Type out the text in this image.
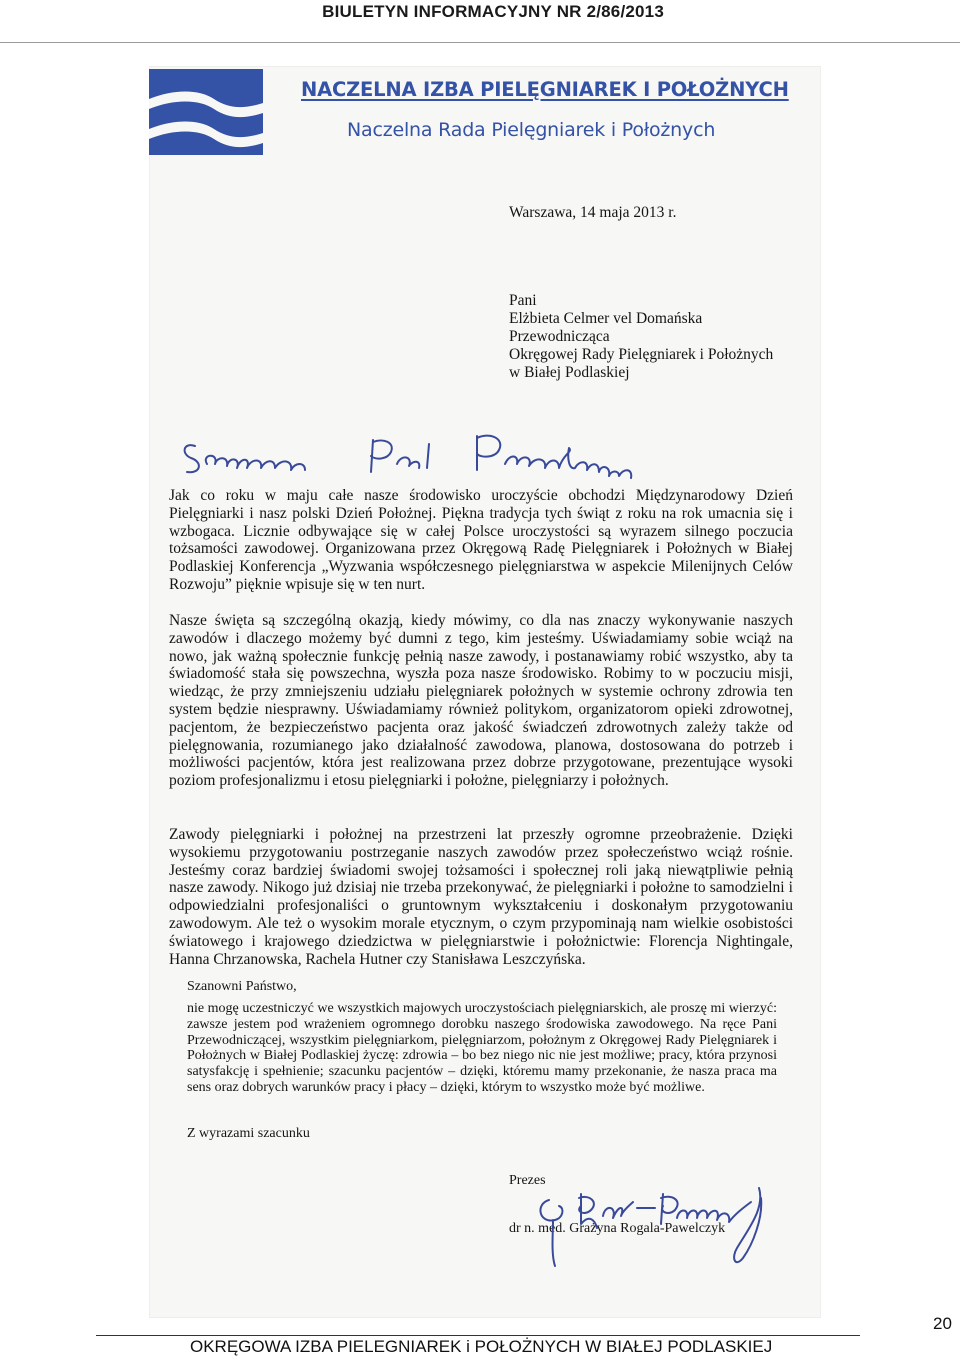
BIULETYN INFORMACYJNY NR 2/86/2013
NACZELNA IZBA PIELĘGNIAREK I POŁOŻNYCH
Naczelna Rada Pielęgniarek i Położnych
Warszawa, 14 maja 2013 r.
Pani
Elżbieta Celmer vel Domańska
Przewodnicząca
Okręgowej Rady Pielęgniarek i Położnych
w Białej Podlaskiej
Jak co roku w maju całe nasze środowisko uroczyście obchodzi Międzynarodowy Dzień Pielęgniarki i nasz polski Dzień Położnej. Piękna tradycja tych świąt z roku na rok umacnia się i wzbogaca. Licznie odbywające się w całej Polsce uroczystości są wyrazem silnego poczucia tożsamości zawodowej. Organizowana przez Okręgową Radę Pielęgniarek i Położnych w Białej Podlaskiej Konferencja „Wyzwania współczesnego pielęgniarstwa w aspekcie Milenijnych Celów Rozwoju” pięknie wpisuje się w ten nurt.
Nasze święta są szczególną okazją, kiedy mówimy, co dla nas znaczy wykonywanie naszych zawodów i dlaczego możemy być dumni z tego, kim jesteśmy. Uświadamiamy sobie wciąż na nowo, jak ważną społecznie funkcję pełnią nasze zawody, i postanawiamy robić wszystko, aby ta świadomość stała się powszechna, wyszła poza nasze środowisko. Robimy to w poczuciu misji, wiedząc, że przy zmniejszeniu udziału pielęgniarek położnych w systemie ochrony zdrowia ten system będzie niesprawny. Uświadamiamy również politykom, organizatorom opieki zdrowotnej, pacjentom, że bezpieczeństwo pacjenta oraz jakość świadczeń zdrowotnych zależy także od pielęgnowania, rozumianego jako działalność zawodowa, planowa, dostosowana do potrzeb i możliwości pacjentów, która jest realizowana przez dobrze przygotowane, prezentujące wysoki poziom profesjonalizmu i etosu pielęgniarki i położne, pielęgniarzy i położnych.
Zawody pielęgniarki i położnej na przestrzeni lat przeszły ogromne przeobrażenie. Dzięki wysokiemu przygotowaniu postrzeganie naszych zawodów przez społeczeństwo wciąż rośnie. Jesteśmy coraz bardziej świadomi swojej tożsamości i społecznej roli jaką niewątpliwie pełnią nasze zawody. Nikogo już dzisiaj nie trzeba przekonywać, że pielęgniarki i położne to samodzielni i odpowiedzialni profesjonaliści o gruntownym wykształceniu i doskonałym przygotowaniu zawodowym. Ale też o wysokim morale etycznym, o czym przypominają nam wielkie osobistości światowego i krajowego dziedzictwa w pielęgniarstwie i położnictwie: Florencja Nightingale, Hanna Chrzanowska, Rachela Hutner czy Stanisława Leszczyńska.
Szanowni Państwo,
nie mogę uczestniczyć we wszystkich majowych uroczystościach pielęgniarskich, ale proszę mi wierzyć: zawsze jestem pod wrażeniem ogromnego dorobku naszego środowiska zawodowego. Na ręce Pani Przewodniczącej, wszystkim pielęgniarkom, pielęgniarzom, położnym z Okręgowej Rady Pielęgniarek i Położnych w Białej Podlaskiej życzę: zdrowia – bo bez niego nic nie jest możliwe; pracy, która przynosi satysfakcję i spełnienie; szacunku pacjentów – dzięki, któremu mamy przekonanie, że nasza praca ma sens oraz dobrych warunków pracy i płacy – dzięki, którym to wszystko może być możliwe.
Z wyrazami szacunku
Prezes
dr n. med. Grażyna Rogala-Pawelczyk
OKRĘGOWA IZBA PIELEGNIAREK i POŁOŻNYCH W BIAŁEJ PODLASKIEJ
20
